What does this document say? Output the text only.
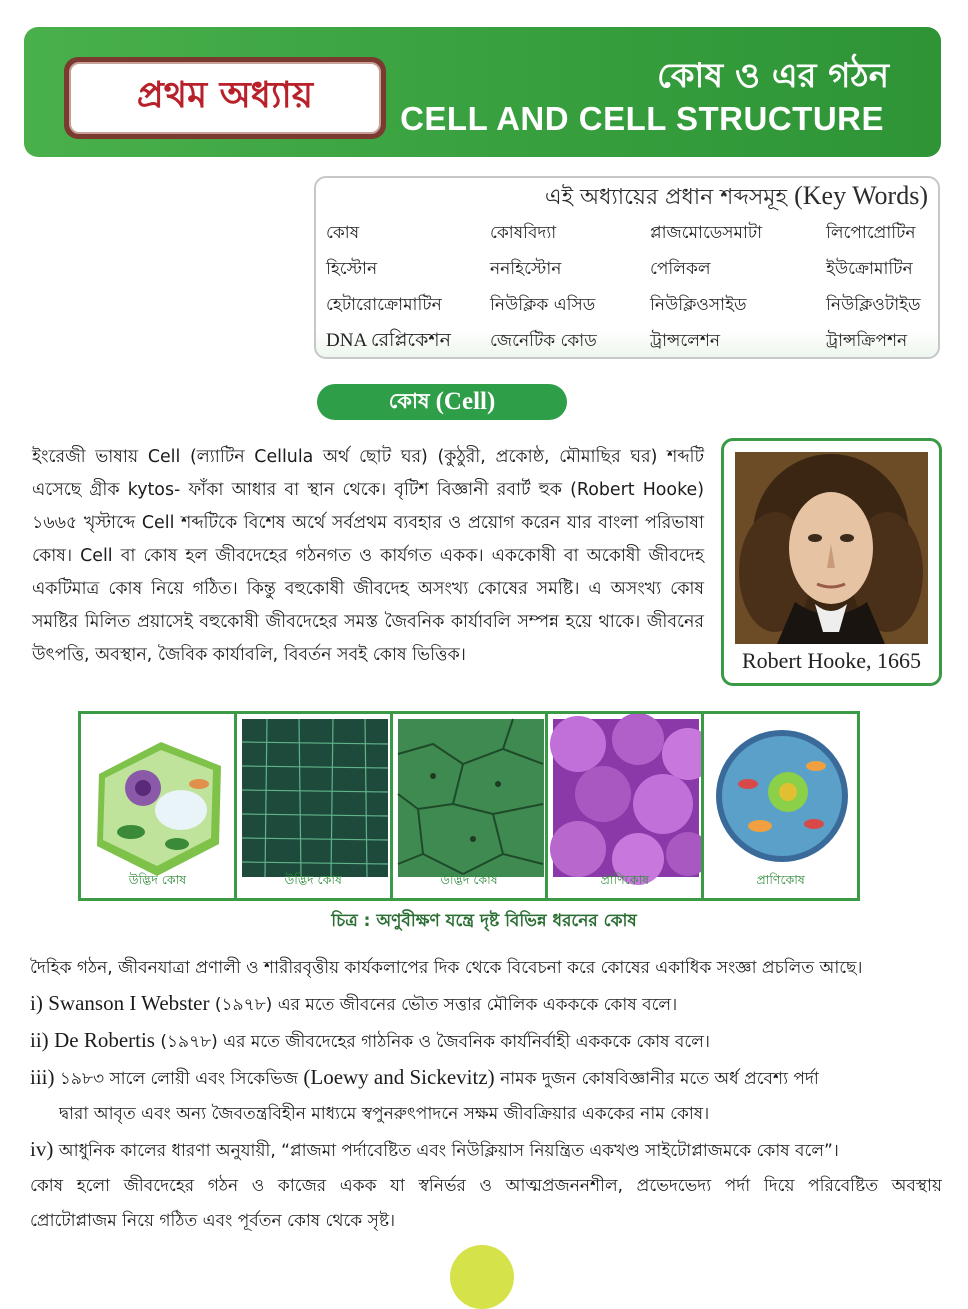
প্রথম অধ্যায়	কোষ ও এর গঠন
CELL AND CELL STRUCTURE
এই অধ্যায়ের প্রধান শব্দসমূহ (Key Words)
কোষ	কোষবিদ্যা	প্লাজমোডেসমাটা	লিপোপ্রোটিন
হিস্টোন	ননহিস্টোন	পেলিকল	ইউক্রোমাটিন
হেটারোক্রোমাটিন	নিউক্লিক এসিড	নিউক্লিওসাইড	নিউক্লিওটাইড
DNA রেপ্লিকেশন	জেনেটিক কোড	ট্রান্সলেশন	ট্রান্সক্রিপশন
কোষ (Cell)
ইংরেজী ভাষায় Cell (ল্যাটিন Cellula অর্থ ছোট ঘর) (কুঠুরী, প্রকোষ্ঠ, মৌমাছির ঘর) শব্দটি এসেছে গ্রীক kytos- ফাঁকা আধার বা স্থান থেকে। বৃটিশ বিজ্ঞানী রবার্ট হুক (Robert Hooke) ১৬৬৫ খৃস্টাব্দে Cell শব্দটিকে বিশেষ অর্থে সর্বপ্রথম ব্যবহার ও প্রয়োগ করেন যার বাংলা পরিভাষা কোষ। Cell বা কোষ হল জীবদেহের গঠনগত ও কার্যগত একক। এককোষী বা অকোষী জীবদেহ একটিমাত্র কোষ নিয়ে গঠিত। কিন্তু বহুকোষী জীবদেহ অসংখ্য কোষের সমষ্টি। এ অসংখ্য কোষ সমষ্টির মিলিত প্রয়াসেই বহুকোষী জীবদেহের সমস্ত জৈবনিক কার্যাবলি সম্পন্ন হয়ে থাকে। জীবনের উৎপত্তি, অবস্থান, জৈবিক কার্যাবলি, বিবর্তন সবই কোষ ভিত্তিক।	Robert Hooke, 1665
উদ্ভিদ কোষ	উদ্ভিদ কোষ	উদ্ভিদ কোষ	প্রাণিকোষ	প্রাণিকোষ
চিত্র : অণুবীক্ষণ যন্ত্রে দৃষ্ট বিভিন্ন ধরনের কোষ
দৈহিক গঠন, জীবনযাত্রা প্রণালী ও শারীরবৃত্তীয় কার্যকলাপের দিক থেকে বিবেচনা করে কোষের একাধিক সংজ্ঞা প্রচলিত আছে।
i) Swanson I Webster (১৯৭৮) এর মতে জীবনের ভৌত সত্তার মৌলিক একককে কোষ বলে।
ii) De Robertis (১৯৭৮) এর মতে জীবদেহের গাঠনিক ও জৈবনিক কার্যনির্বাহী একককে কোষ বলে।
iii) ১৯৮৩ সালে লোয়ী এবং সিকেভিজ (Loewy and Sickevitz) নামক দুজন কোষবিজ্ঞানীর মতে অর্ধ প্রবেশ্য পর্দা
দ্বারা আবৃত এবং অন্য জৈবতন্ত্রবিহীন মাধ্যমে স্বপুনরুৎপাদনে সক্ষম জীবক্রিয়ার এককের নাম কোষ।
iv) আধুনিক কালের ধারণা অনুযায়ী, “প্লাজমা পর্দাবেষ্টিত এবং নিউক্লিয়াস নিয়ন্ত্রিত একখণ্ড সাইটোপ্লাজমকে কোষ বলে”।
কোষ হলো জীবদেহের গঠন ও কাজের একক যা স্বনির্ভর ও আত্মপ্রজননশীল, প্রভেদভেদ্য পর্দা দিয়ে পরিবেষ্টিত অবস্থায়
প্রোটোপ্লাজম নিয়ে গঠিত এবং পূর্বতন কোষ থেকে সৃষ্ট।
